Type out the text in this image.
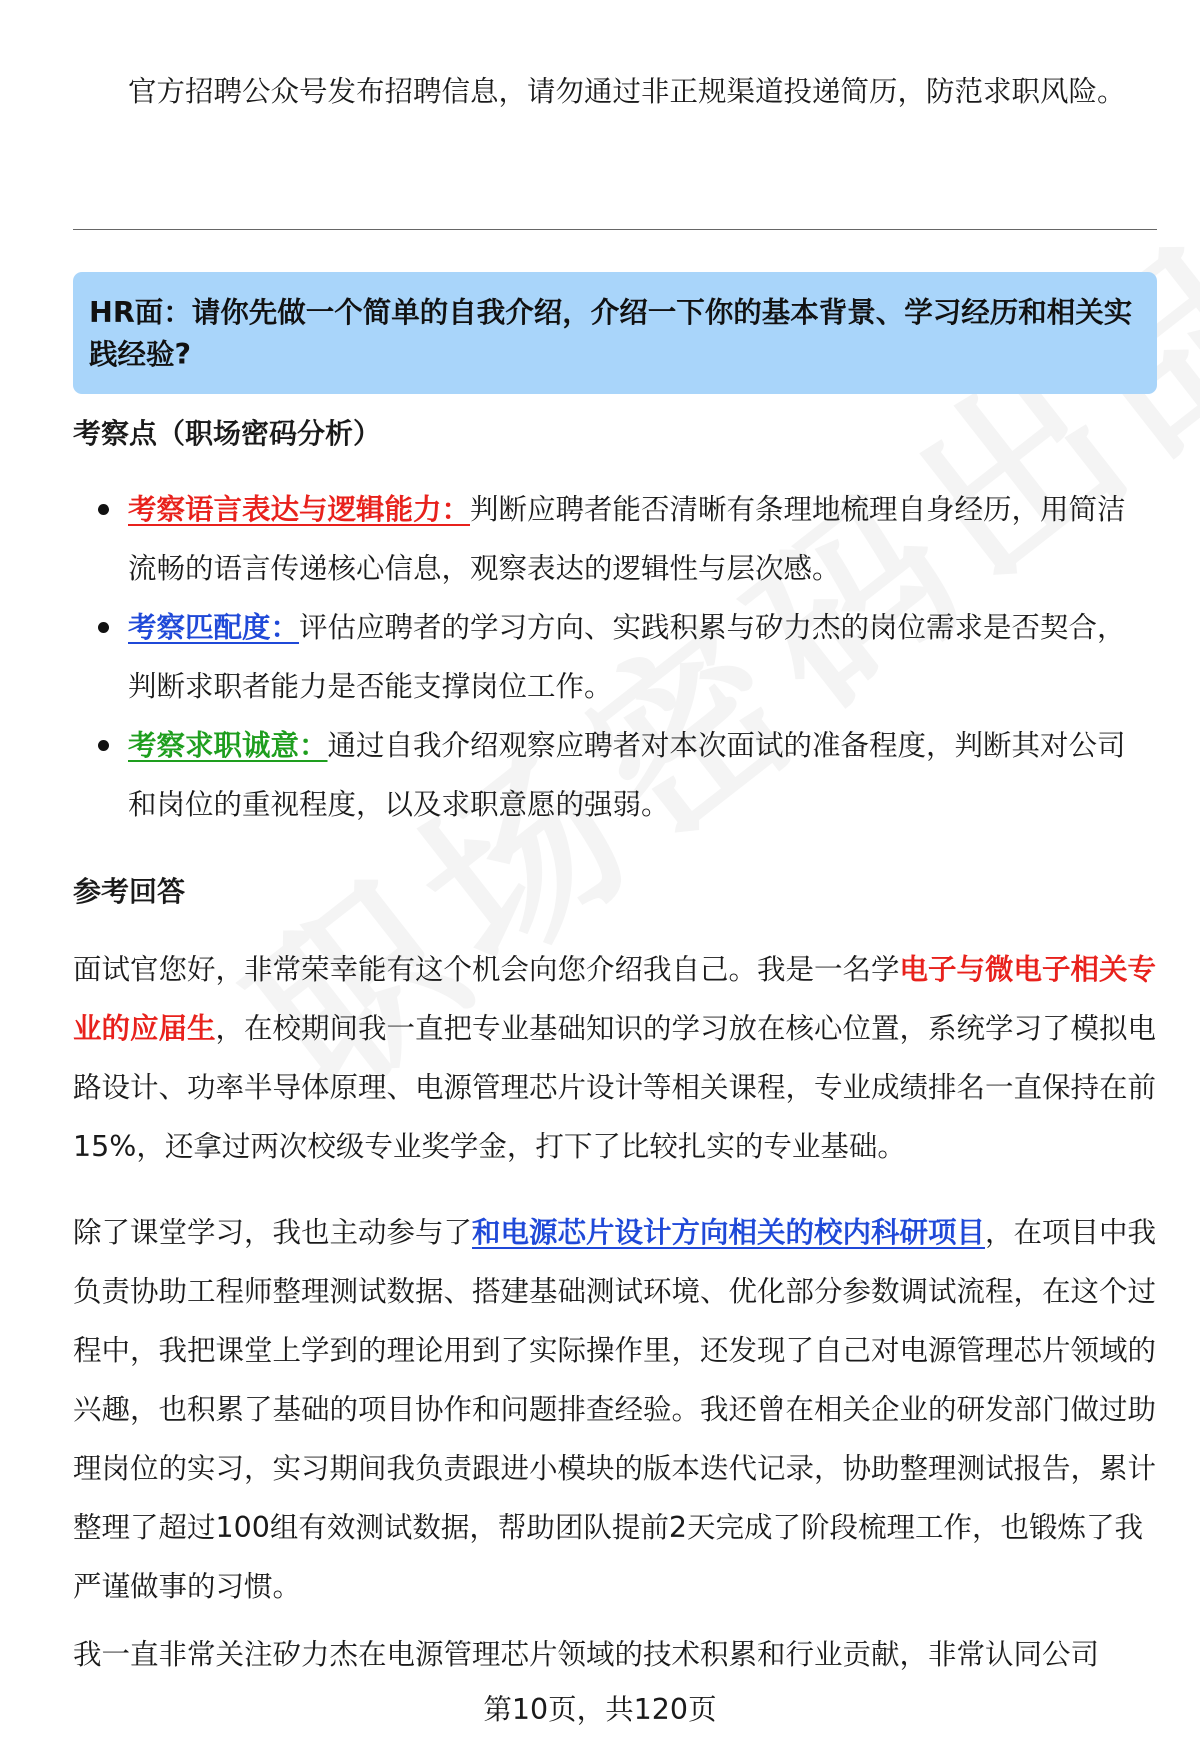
官方招聘公众号发布招聘信息，请勿通过非正规渠道投递简历，防范求职风险。

HR面：请你先做一个简单的自我介绍，介绍一下你的基本背景、学习经历和相关实践经验?

考察点（职场密码分析）

考察语言表达与逻辑能力：判断应聘者能否清晰有条理地梳理自身经历，用简洁流畅的语言传递核心信息，观察表达的逻辑性与层次感。
考察匹配度：评估应聘者的学习方向、实践积累与矽力杰的岗位需求是否契合，判断求职者能力是否能支撑岗位工作。
考察求职诚意：通过自我介绍观察应聘者对本次面试的准备程度，判断其对公司和岗位的重视程度，以及求职意愿的强弱。

参考回答

面试官您好，非常荣幸能有这个机会向您介绍我自己。我是一名学电子与微电子相关专业的应届生，在校期间我一直把专业基础知识的学习放在核心位置，系统学习了模拟电路设计、功率半导体原理、电源管理芯片设计等相关课程，专业成绩排名一直保持在前15%，还拿过两次校级专业奖学金，打下了比较扎实的专业基础。

除了课堂学习，我也主动参与了和电源芯片设计方向相关的校内科研项目，在项目中我负责协助工程师整理测试数据、搭建基础测试环境、优化部分参数调试流程，在这个过程中，我把课堂上学到的理论用到了实际操作里，还发现了自己对电源管理芯片领域的兴趣，也积累了基础的项目协作和问题排查经验。我还曾在相关企业的研发部门做过助理岗位的实习，实习期间我负责跟进小模块的版本迭代记录，协助整理测试报告，累计整理了超过100组有效测试数据，帮助团队提前2天完成了阶段梳理工作，也锻炼了我严谨做事的习惯。

我一直非常关注矽力杰在电源管理芯片领域的技术积累和行业贡献，非常认同公司

第10页，共120页
